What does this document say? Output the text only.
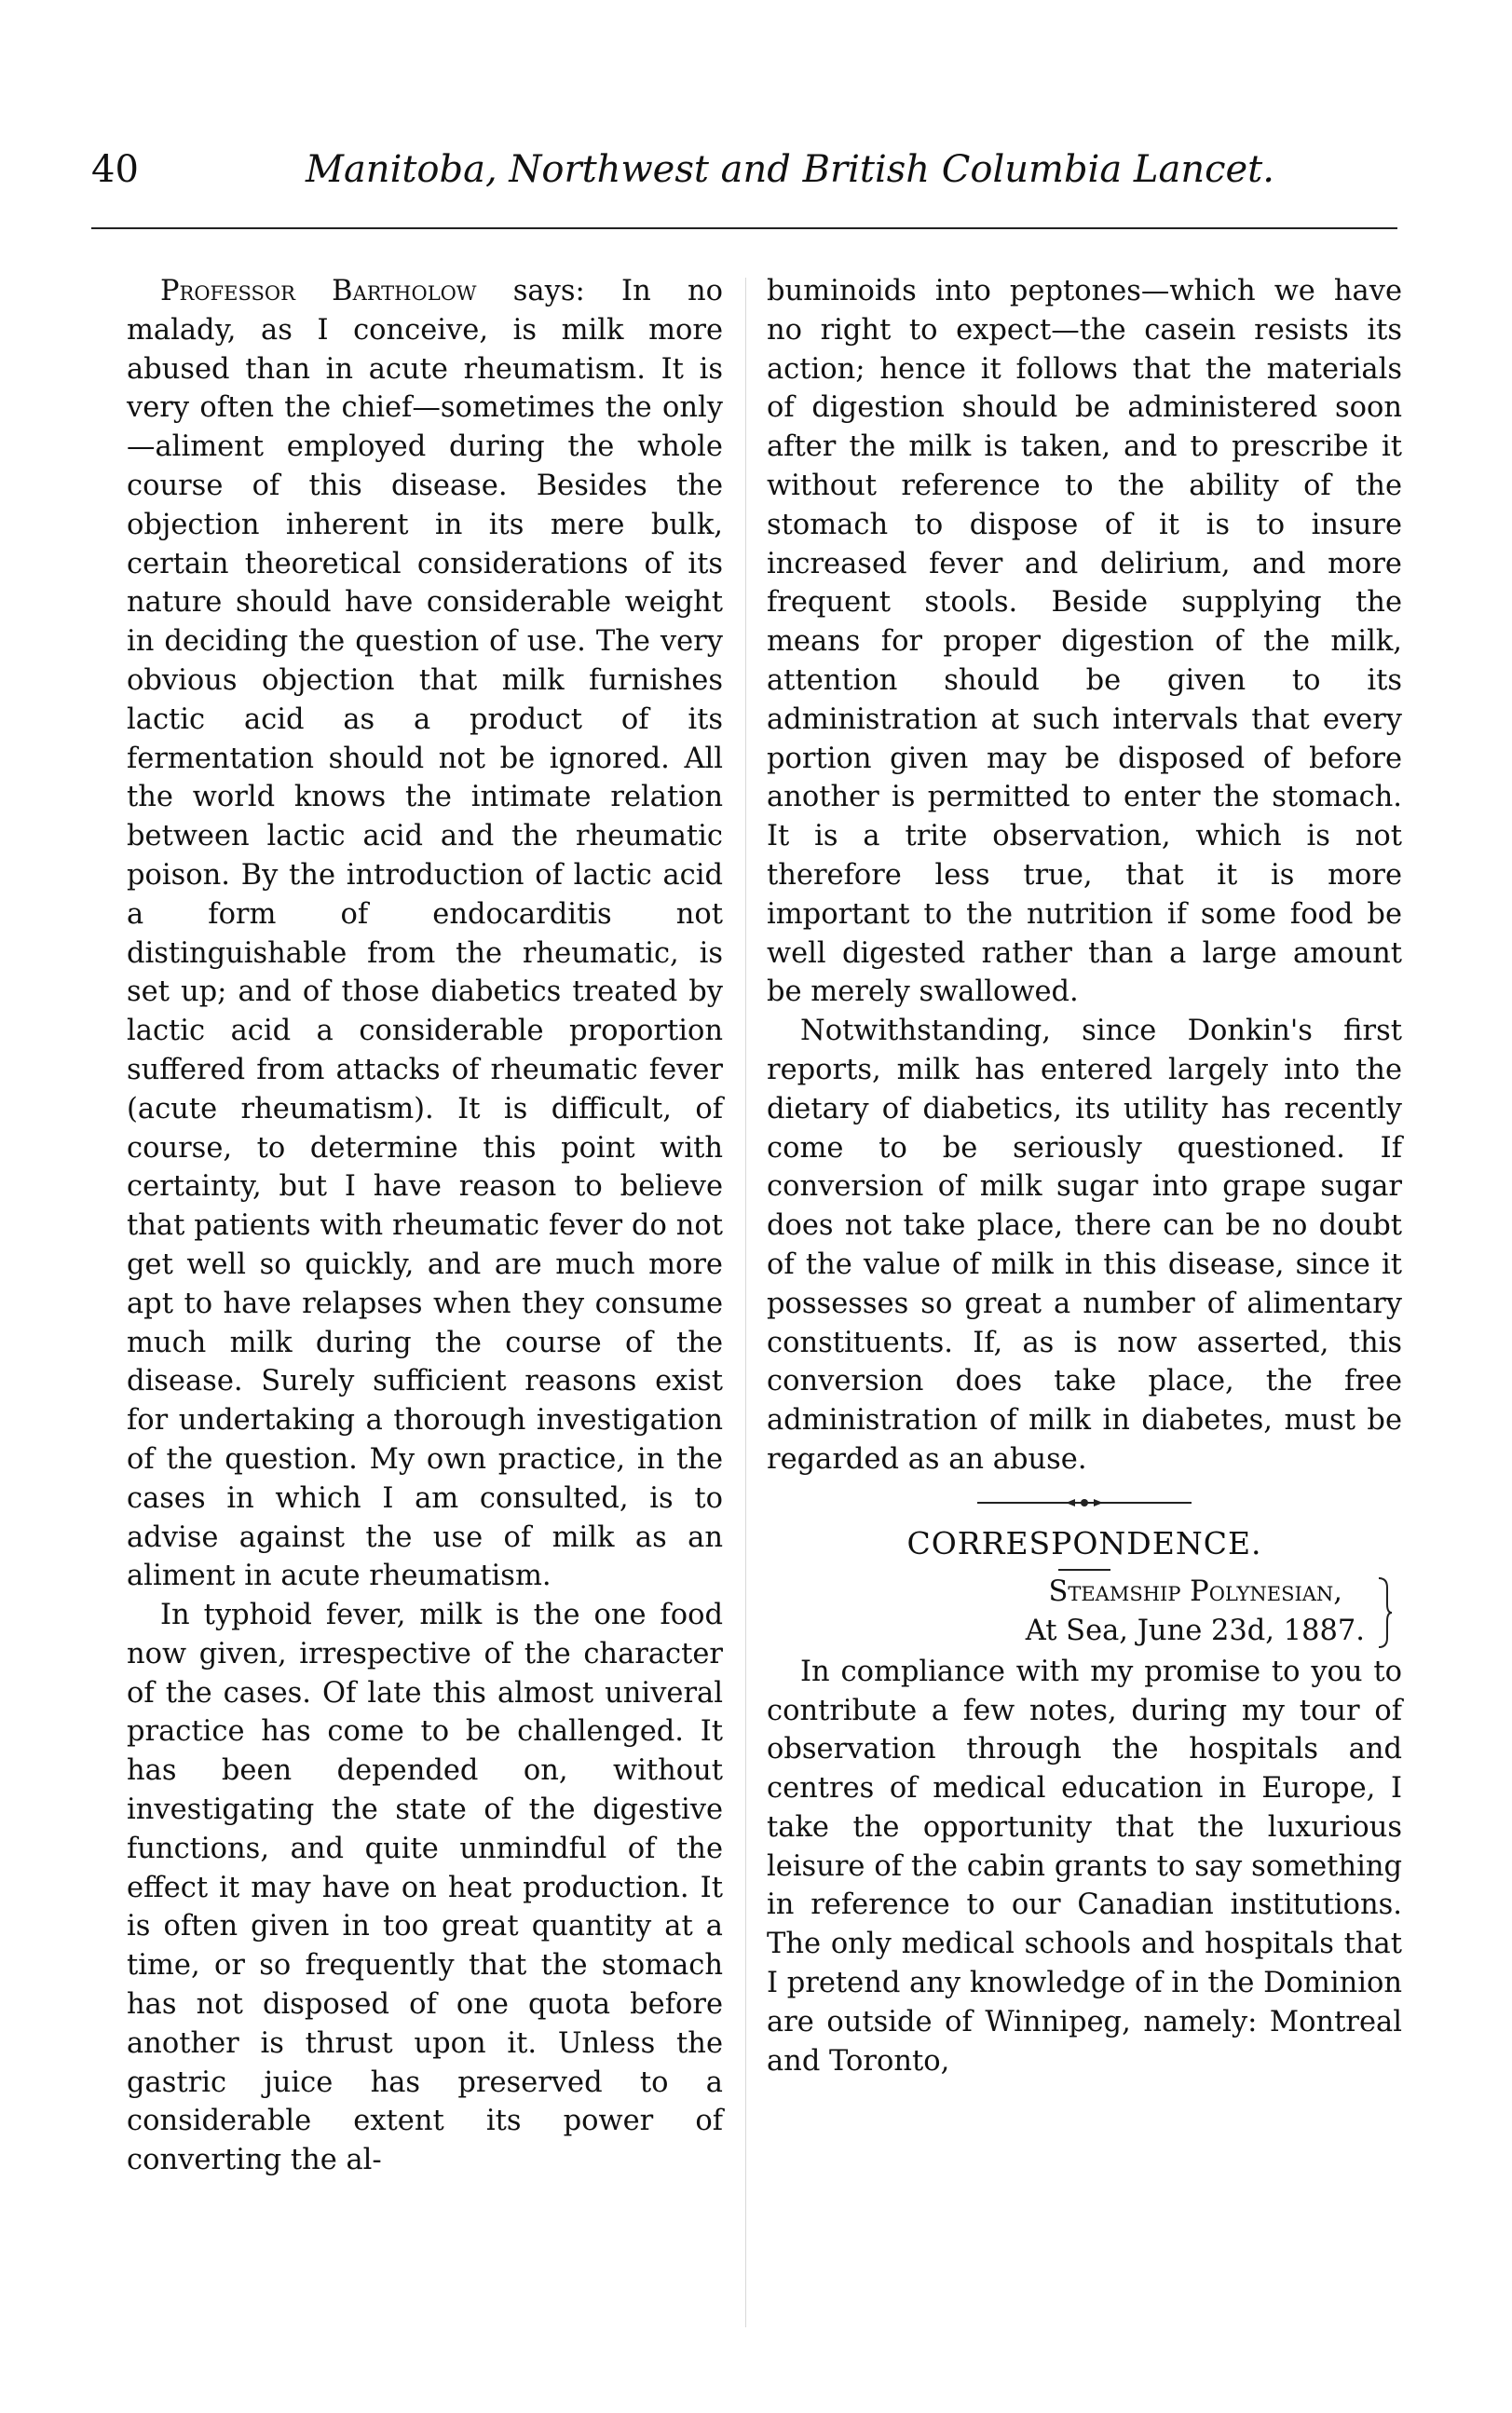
40	Manitoba, Northwest and British Columbia Lancet.

Professor Bartholow says: In no malady, as I conceive, is milk more abused than in acute rheumatism. It is very often the chief—sometimes the only—aliment employed during the whole course of this disease. Besides the objection inherent in its mere bulk, certain theoretical considerations of its nature should have considerable weight in deciding the question of use. The very obvious objection that milk furnishes lactic acid as a product of its fermentation should not be ignored. All the world knows the intimate relation between lactic acid and the rheumatic poison. By the introduction of lactic acid a form of endocarditis not distinguishable from the rheumatic, is set up; and of those diabetics treated by lactic acid a considerable proportion suffered from attacks of rheumatic fever (acute rheumatism). It is difficult, of course, to determine this point with certainty, but I have reason to believe that patients with rheumatic fever do not get well so quickly, and are much more apt to have relapses when they consume much milk during the course of the disease. Surely sufficient reasons exist for undertaking a thorough investigation of the question. My own practice, in the cases in which I am consulted, is to advise against the use of milk as an aliment in acute rheumatism.

In typhoid fever, milk is the one food now given, irrespective of the character of the cases. Of late this almost univeral practice has come to be challenged. It has been depended on, without investigating the state of the digestive functions, and quite unmindful of the effect it may have on heat production. It is often given in too great quantity at a time, or so frequently that the stomach has not disposed of one quota before another is thrust upon it. Unless the gastric juice has preserved to a considerable extent its power of converting the al-

buminoids into peptones—which we have no right to expect—the casein resists its action; hence it follows that the materials of digestion should be administered soon after the milk is taken, and to prescribe it without reference to the ability of the stomach to dispose of it is to insure increased fever and delirium, and more frequent stools. Beside supplying the means for proper digestion of the milk, attention should be given to its administration at such intervals that every portion given may be disposed of before another is permitted to enter the stomach. It is a trite observation, which is not therefore less true, that it is more important to the nutrition if some food be well digested rather than a large amount be merely swallowed.

Notwithstanding, since Donkin's first reports, milk has entered largely into the dietary of diabetics, its utility has recently come to be seriously questioned. If conversion of milk sugar into grape sugar does not take place, there can be no doubt of the value of milk in this disease, since it possesses so great a number of alimentary constituents. If, as is now asserted, this conversion does take place, the free administration of milk in diabetes, must be regarded as an abuse.

CORRESPONDENCE.
Steamship Polynesian,
At Sea, June 23d, 1887.

In compliance with my promise to you to contribute a few notes, during my tour of observation through the hospitals and centres of medical education in Europe, I take the opportunity that the luxurious leisure of the cabin grants to say something in reference to our Canadian institutions. The only medical schools and hospitals that I pretend any knowledge of in the Dominion are outside of Winnipeg, namely: Montreal and Toronto,
